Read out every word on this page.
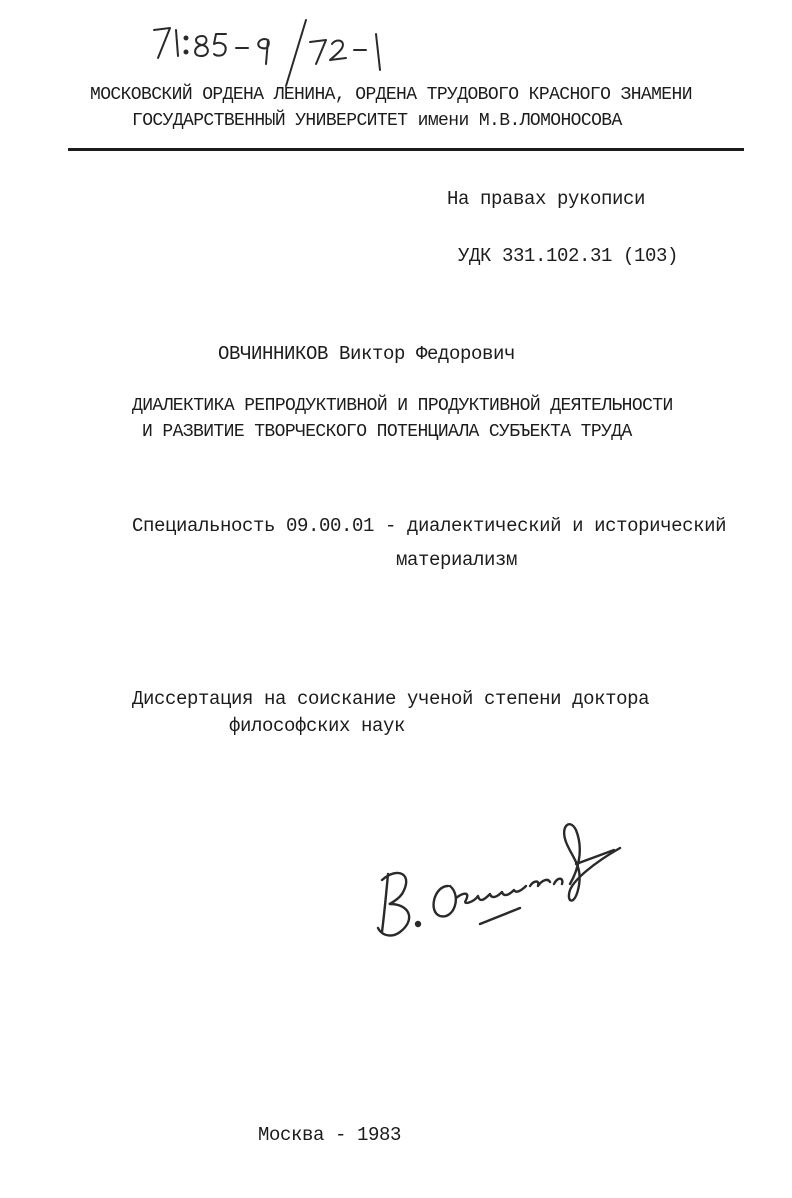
МОСКОВСКИЙ ОРДЕНА ЛЕНИНА, ОРДЕНА ТРУДОВОГО КРАСНОГО ЗНАМЕНИ
ГОСУДАРСТВЕННЫЙ УНИВЕРСИТЕТ имени М.В.ЛОМОНОСОВА
На правах рукописи
УДК 331.102.31 (103)
ОВЧИННИКОВ Виктор Федорович
ДИАЛЕКТИКА РЕПРОДУКТИВНОЙ И ПРОДУКТИВНОЙ ДЕЯТЕЛЬНОСТИ
И РАЗВИТИЕ ТВОРЧЕСКОГО ПОТЕНЦИАЛА СУБЪЕКТА ТРУДА
Специальность 09.00.01 - диалектический и исторический
материализм
Диссертация на соискание ученой степени доктора
философских наук
Москва - 1983
